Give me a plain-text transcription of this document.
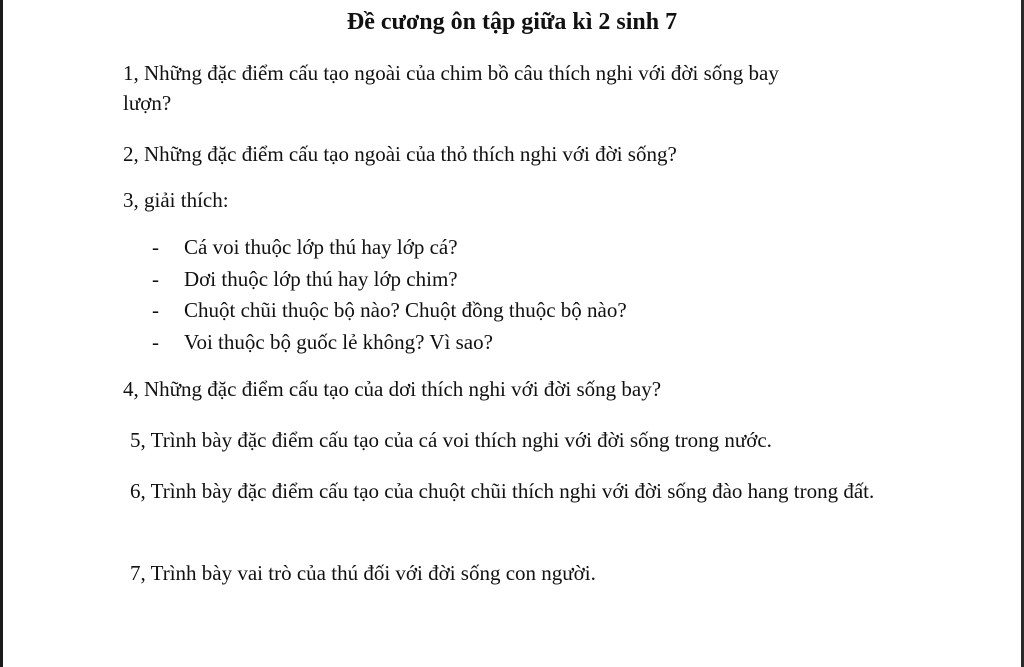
Đề cương ôn tập giữa kì 2 sinh 7
1, Những đặc điểm cấu tạo ngoài của chim bồ câu thích nghi với đời sống bay
lượn?
2, Những đặc điểm cấu tạo ngoài của thỏ thích nghi với đời sống?
3, giải thích:
- Cá voi thuộc lớp thú hay lớp cá?
- Dơi thuộc lớp thú hay lớp chim?
- Chuột chũi thuộc bộ nào? Chuột đồng thuộc bộ nào?
- Voi thuộc bộ guốc lẻ không? Vì sao?
4, Những đặc điểm cấu tạo của dơi thích nghi với đời sống bay?
5, Trình bày đặc điểm cấu tạo của cá voi thích nghi với đời sống trong nước.
6, Trình bày đặc điểm cấu tạo của chuột chũi thích nghi với đời sống đào hang trong đất.
7, Trình bày vai trò của thú đối với đời sống con người.
